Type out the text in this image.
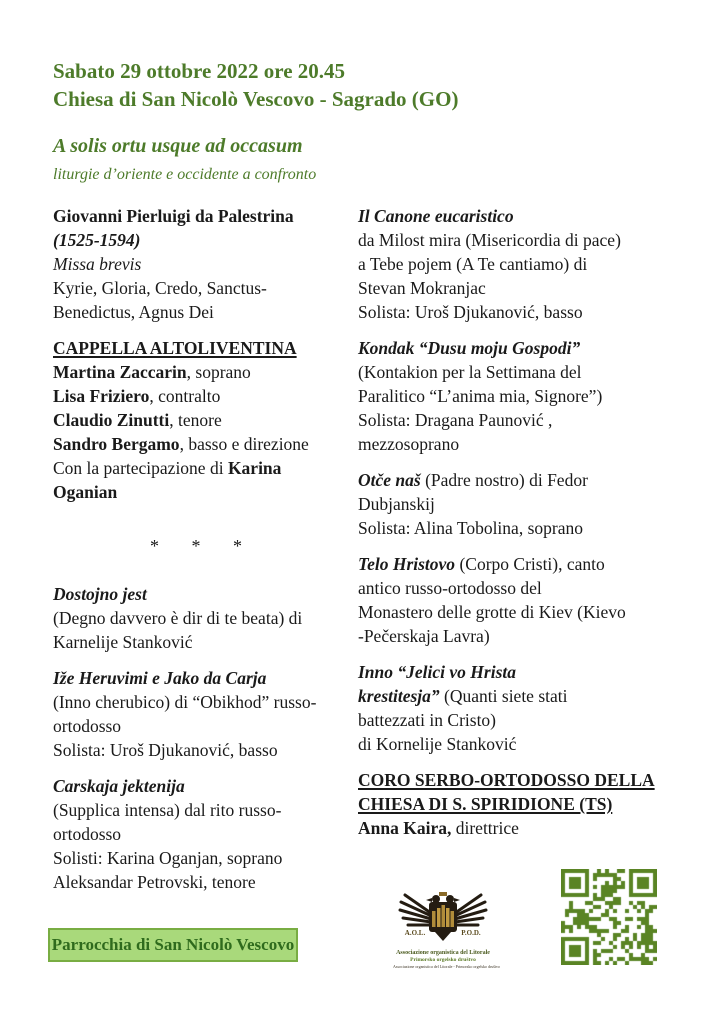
Sabato 29 ottobre 2022 ore 20.45
Chiesa di San Nicolò Vescovo - Sagrado (GO)
A solis ortu usque ad occasum
liturgie d’oriente e occidente a confronto
Giovanni Pierluigi da Palestrina
(1525-1594)
Missa brevis
Kyrie, Gloria, Credo, Sanctus-
Benedictus, Agnus Dei
CAPPELLA ALTOLIVENTINA
Martina Zaccarin, soprano
Lisa Friziero, contralto
Claudio Zinutti, tenore
Sandro Bergamo, basso e direzione
Con la partecipazione di Karina
Oganian
* * *
Dostojno jest
(Degno davvero è dir di te beata) di
Karnelije Stanković
Iže Heruvimi e Jako da Carja
(Inno cherubico) di “Obikhod” russo-
ortodosso
Solista: Uroš Djukanović, basso
Carskaja jektenija
(Supplica intensa) dal rito russo-
ortodosso
Solisti: Karina Oganjan, soprano
Aleksandar Petrovski, tenore
Il Canone eucaristico
da Milost mira (Misericordia di pace)
a Tebe pojem (A Te cantiamo) di
Stevan Mokranjac
Solista: Uroš Djukanović, basso
Kondak “Dusu moju Gospodi”
(Kontakion per la Settimana del
Paralitico “L’anima mia, Signore”)
Solista: Dragana Paunović ,
mezzosoprano
Otče naš (Padre nostro) di Fedor
Dubjanskij
Solista: Alina Tobolina, soprano
Telo Hristovo (Corpo Cristi), canto
antico russo-ortodosso del
Monastero delle grotte di Kiev (Kievo
-Pečerskaja Lavra)
Inno “Jelici vo Hrista
krestitesja” (Quanti siete stati
battezzati in Cristo)
di Kornelije Stanković
CORO SERBO-ORTODOSSO DELLA
CHIESA DI S. SPIRIDIONE (TS)
Anna Kaira, direttrice
Parrocchia di San Nicolò Vescovo
A.O.L.	P.O.D.
Associazione organistica del Litorale
Primorsko orgelsko društvo
Associazione organistica del Litorale - Primorsko orgelsko društvo
